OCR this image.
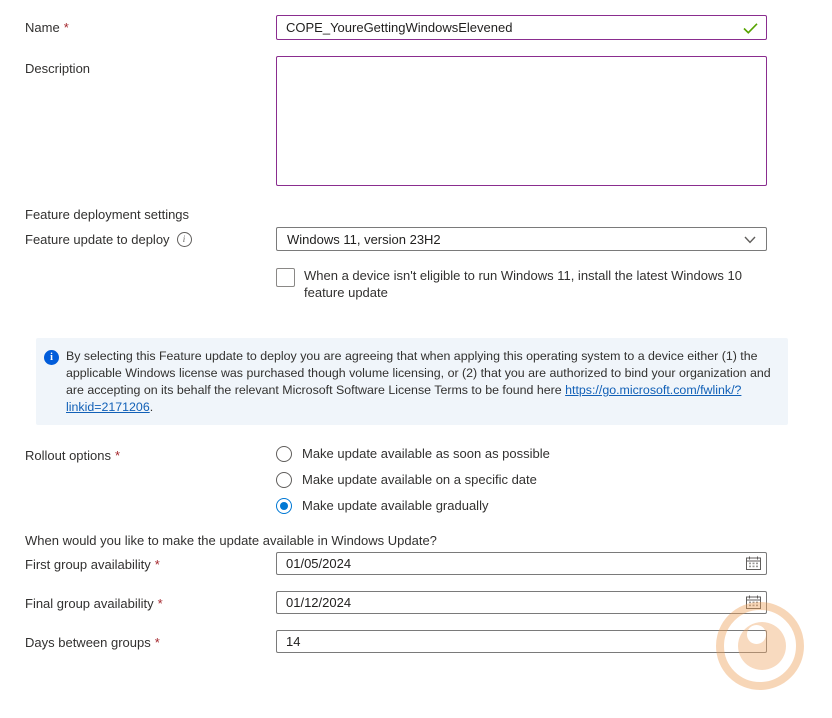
Name *
COPE_YoureGettingWindowsElevened
Description
Feature deployment settings
Feature update to deploy	i	Windows 11, version 23H2
When a device isn't eligible to run Windows 11, install the latest Windows 10 feature update
i	By selecting this Feature update to deploy you are agreeing that when applying this operating system to a device either (1) the applicable Windows license was purchased though volume licensing, or (2) that you are authorized to bind your organization and are accepting on its behalf the relevant Microsoft Software License Terms to be found here https://go.microsoft.com/fwlink/?linkid=2171206.

Rollout options *	Make update available as soon as possible
Make update available on a specific date
Make update available gradually
When would you like to make the update available in Windows Update?
First group availability *
01/05/2024
Final group availability *
01/12/2024
Days between groups *
14
